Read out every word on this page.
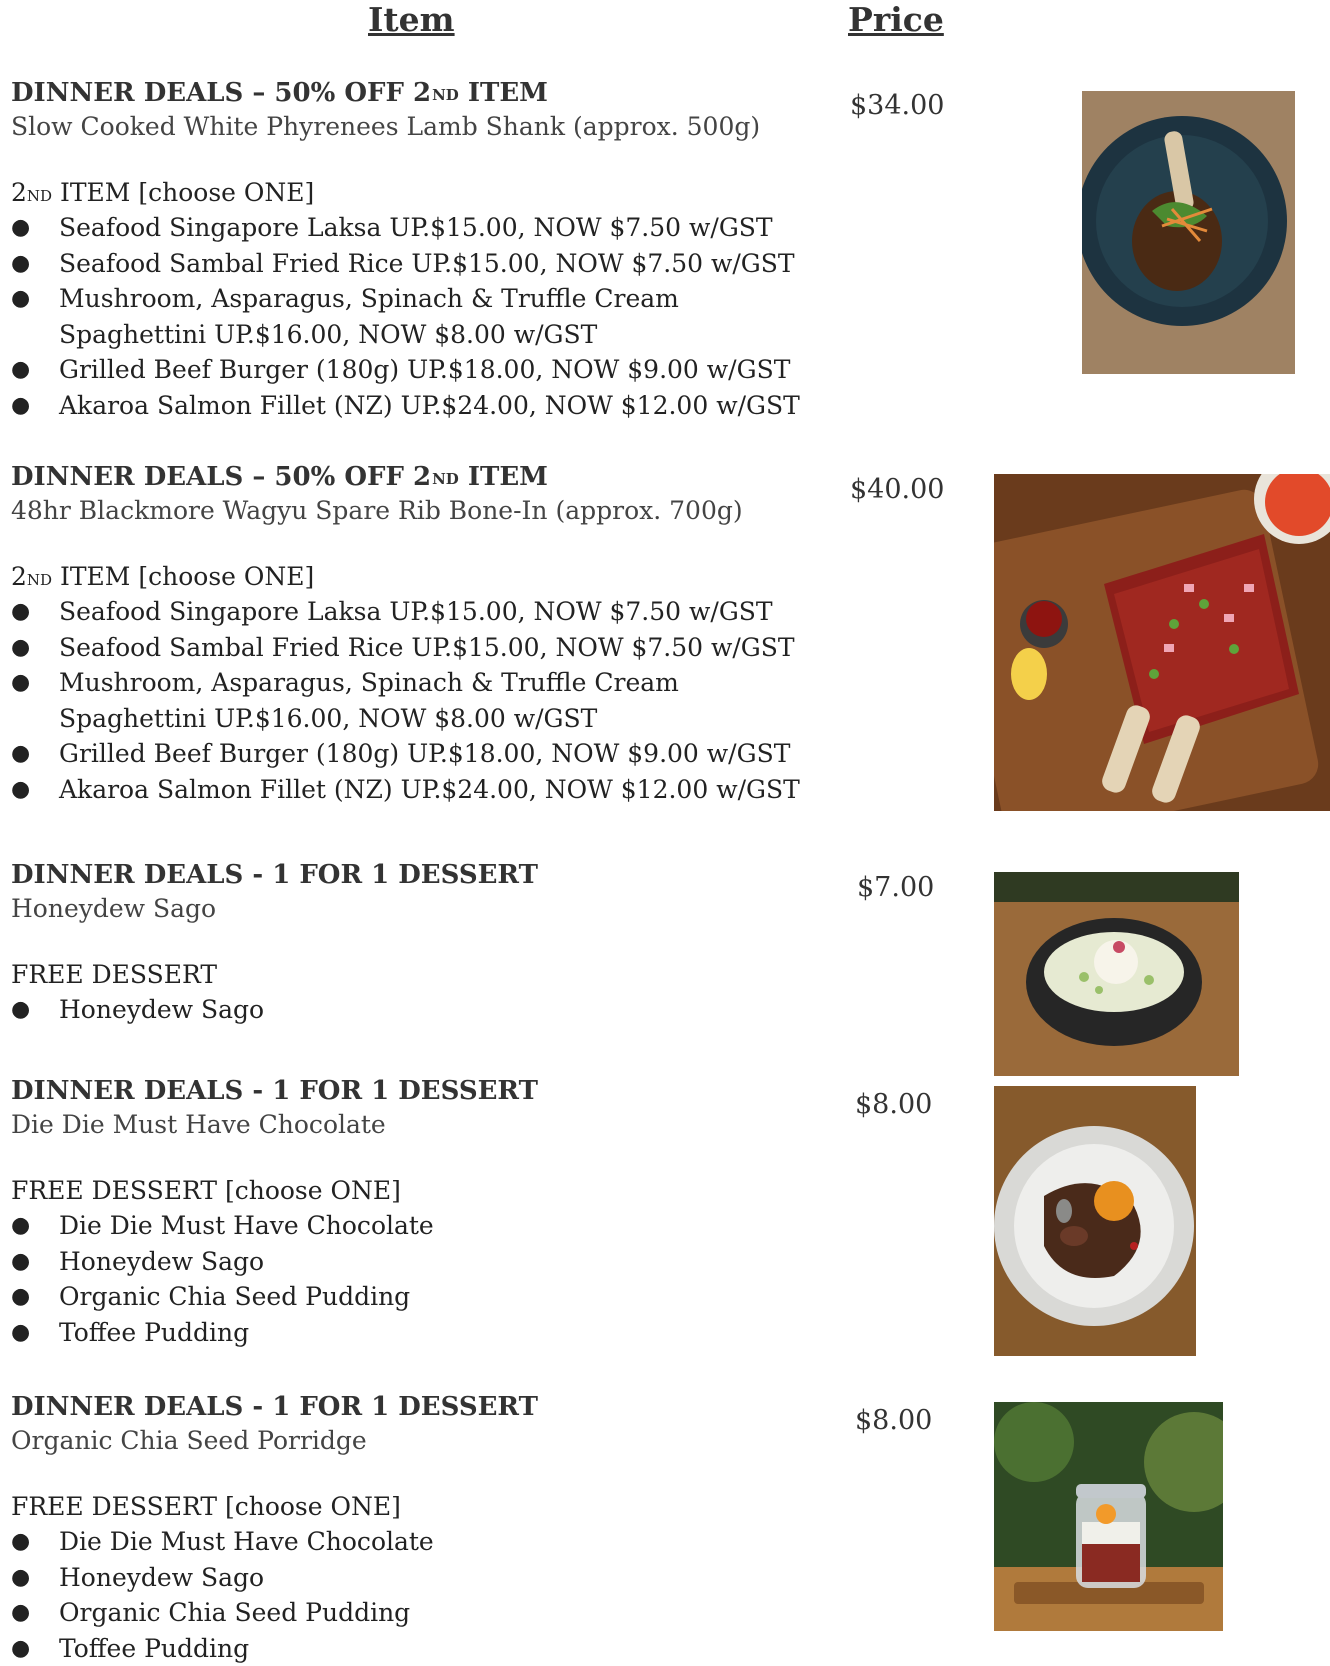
Item	Price
DINNER DEALS – 50% OFF 2ND ITEM
Slow Cooked White Phyrenees Lamb Shank (approx. 500g)
2ND ITEM [choose ONE]
● Seafood Singapore Laksa UP.$15.00, NOW $7.50 w/GST
● Seafood Sambal Fried Rice UP.$15.00, NOW $7.50 w/GST
● Mushroom, Asparagus, Spinach & Truffle Cream
Spaghettini UP.$16.00, NOW $8.00 w/GST
● Grilled Beef Burger (180g) UP.$18.00, NOW $9.00 w/GST
● Akaroa Salmon Fillet (NZ) UP.$24.00, NOW $12.00 w/GST
$34.00
DINNER DEALS – 50% OFF 2ND ITEM
48hr Blackmore Wagyu Spare Rib Bone-In (approx. 700g)
2ND ITEM [choose ONE]
● Seafood Singapore Laksa UP.$15.00, NOW $7.50 w/GST
● Seafood Sambal Fried Rice UP.$15.00, NOW $7.50 w/GST
● Mushroom, Asparagus, Spinach & Truffle Cream
Spaghettini UP.$16.00, NOW $8.00 w/GST
● Grilled Beef Burger (180g) UP.$18.00, NOW $9.00 w/GST
● Akaroa Salmon Fillet (NZ) UP.$24.00, NOW $12.00 w/GST
$40.00
DINNER DEALS - 1 FOR 1 DESSERT
Honeydew Sago
FREE DESSERT
● Honeydew Sago
$7.00
DINNER DEALS - 1 FOR 1 DESSERT
Die Die Must Have Chocolate
FREE DESSERT [choose ONE]
● Die Die Must Have Chocolate
● Honeydew Sago
● Organic Chia Seed Pudding
● Toffee Pudding
$8.00
DINNER DEALS - 1 FOR 1 DESSERT
Organic Chia Seed Porridge
FREE DESSERT [choose ONE]
● Die Die Must Have Chocolate
● Honeydew Sago
● Organic Chia Seed Pudding
● Toffee Pudding
$8.00
